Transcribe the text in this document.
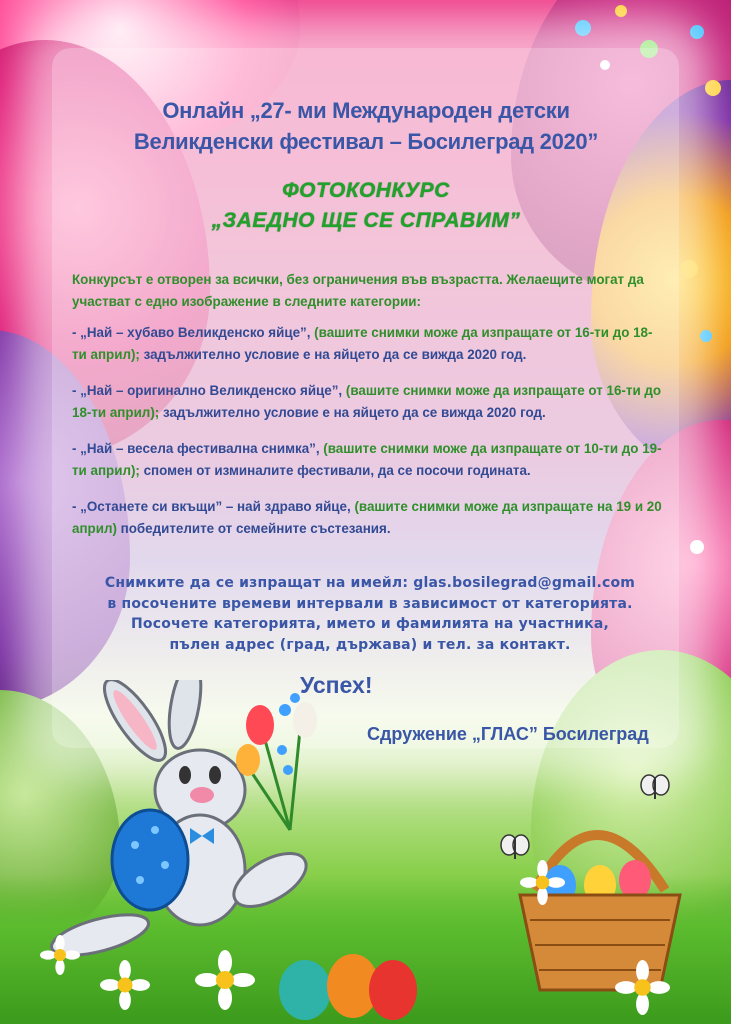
Онлайн „27- ми Международен детски
Великденски фестивал – Босилеград 2020”
ФОТОКОНКУРС
„ЗАЕДНО ЩЕ СЕ СПРАВИМ”
Конкурсът е отворен за всички, без ограничения във възрастта. Желаещите могат да участват с едно изображение в следните категории:
- „Най – хубаво Великденско яйце”, (вашите снимки може да изпращате от 16-ти до 18-ти април); задължително условие е на яйцето да се вижда 2020 год.
- „Най – оригинално Великденско яйце”, (вашите снимки може да изпращате от 16-ти до 18-ти април); задължително условие е на яйцето да се вижда 2020 год.
- „Най – весела фестивална снимка”, (вашите снимки може да изпращате от 10-ти до 19-ти април); спомен от изминалите фестивали, да се посочи годината.
- „Останете си вкъщи” – най здраво яйце, (вашите снимки може да изпращате на 19 и 20 април) победителите от семейните състезания.
Снимките да се изпращат на имейл: glas.bosilegrad@gmail.com
в посочените времеви интервали в зависимост от категорията.
Посочете категорията, името и фамилията на участника,
пълен адрес (град, държава) и тел. за контакт.
Успех!
Сдружение „ГЛАС” Босилеград
